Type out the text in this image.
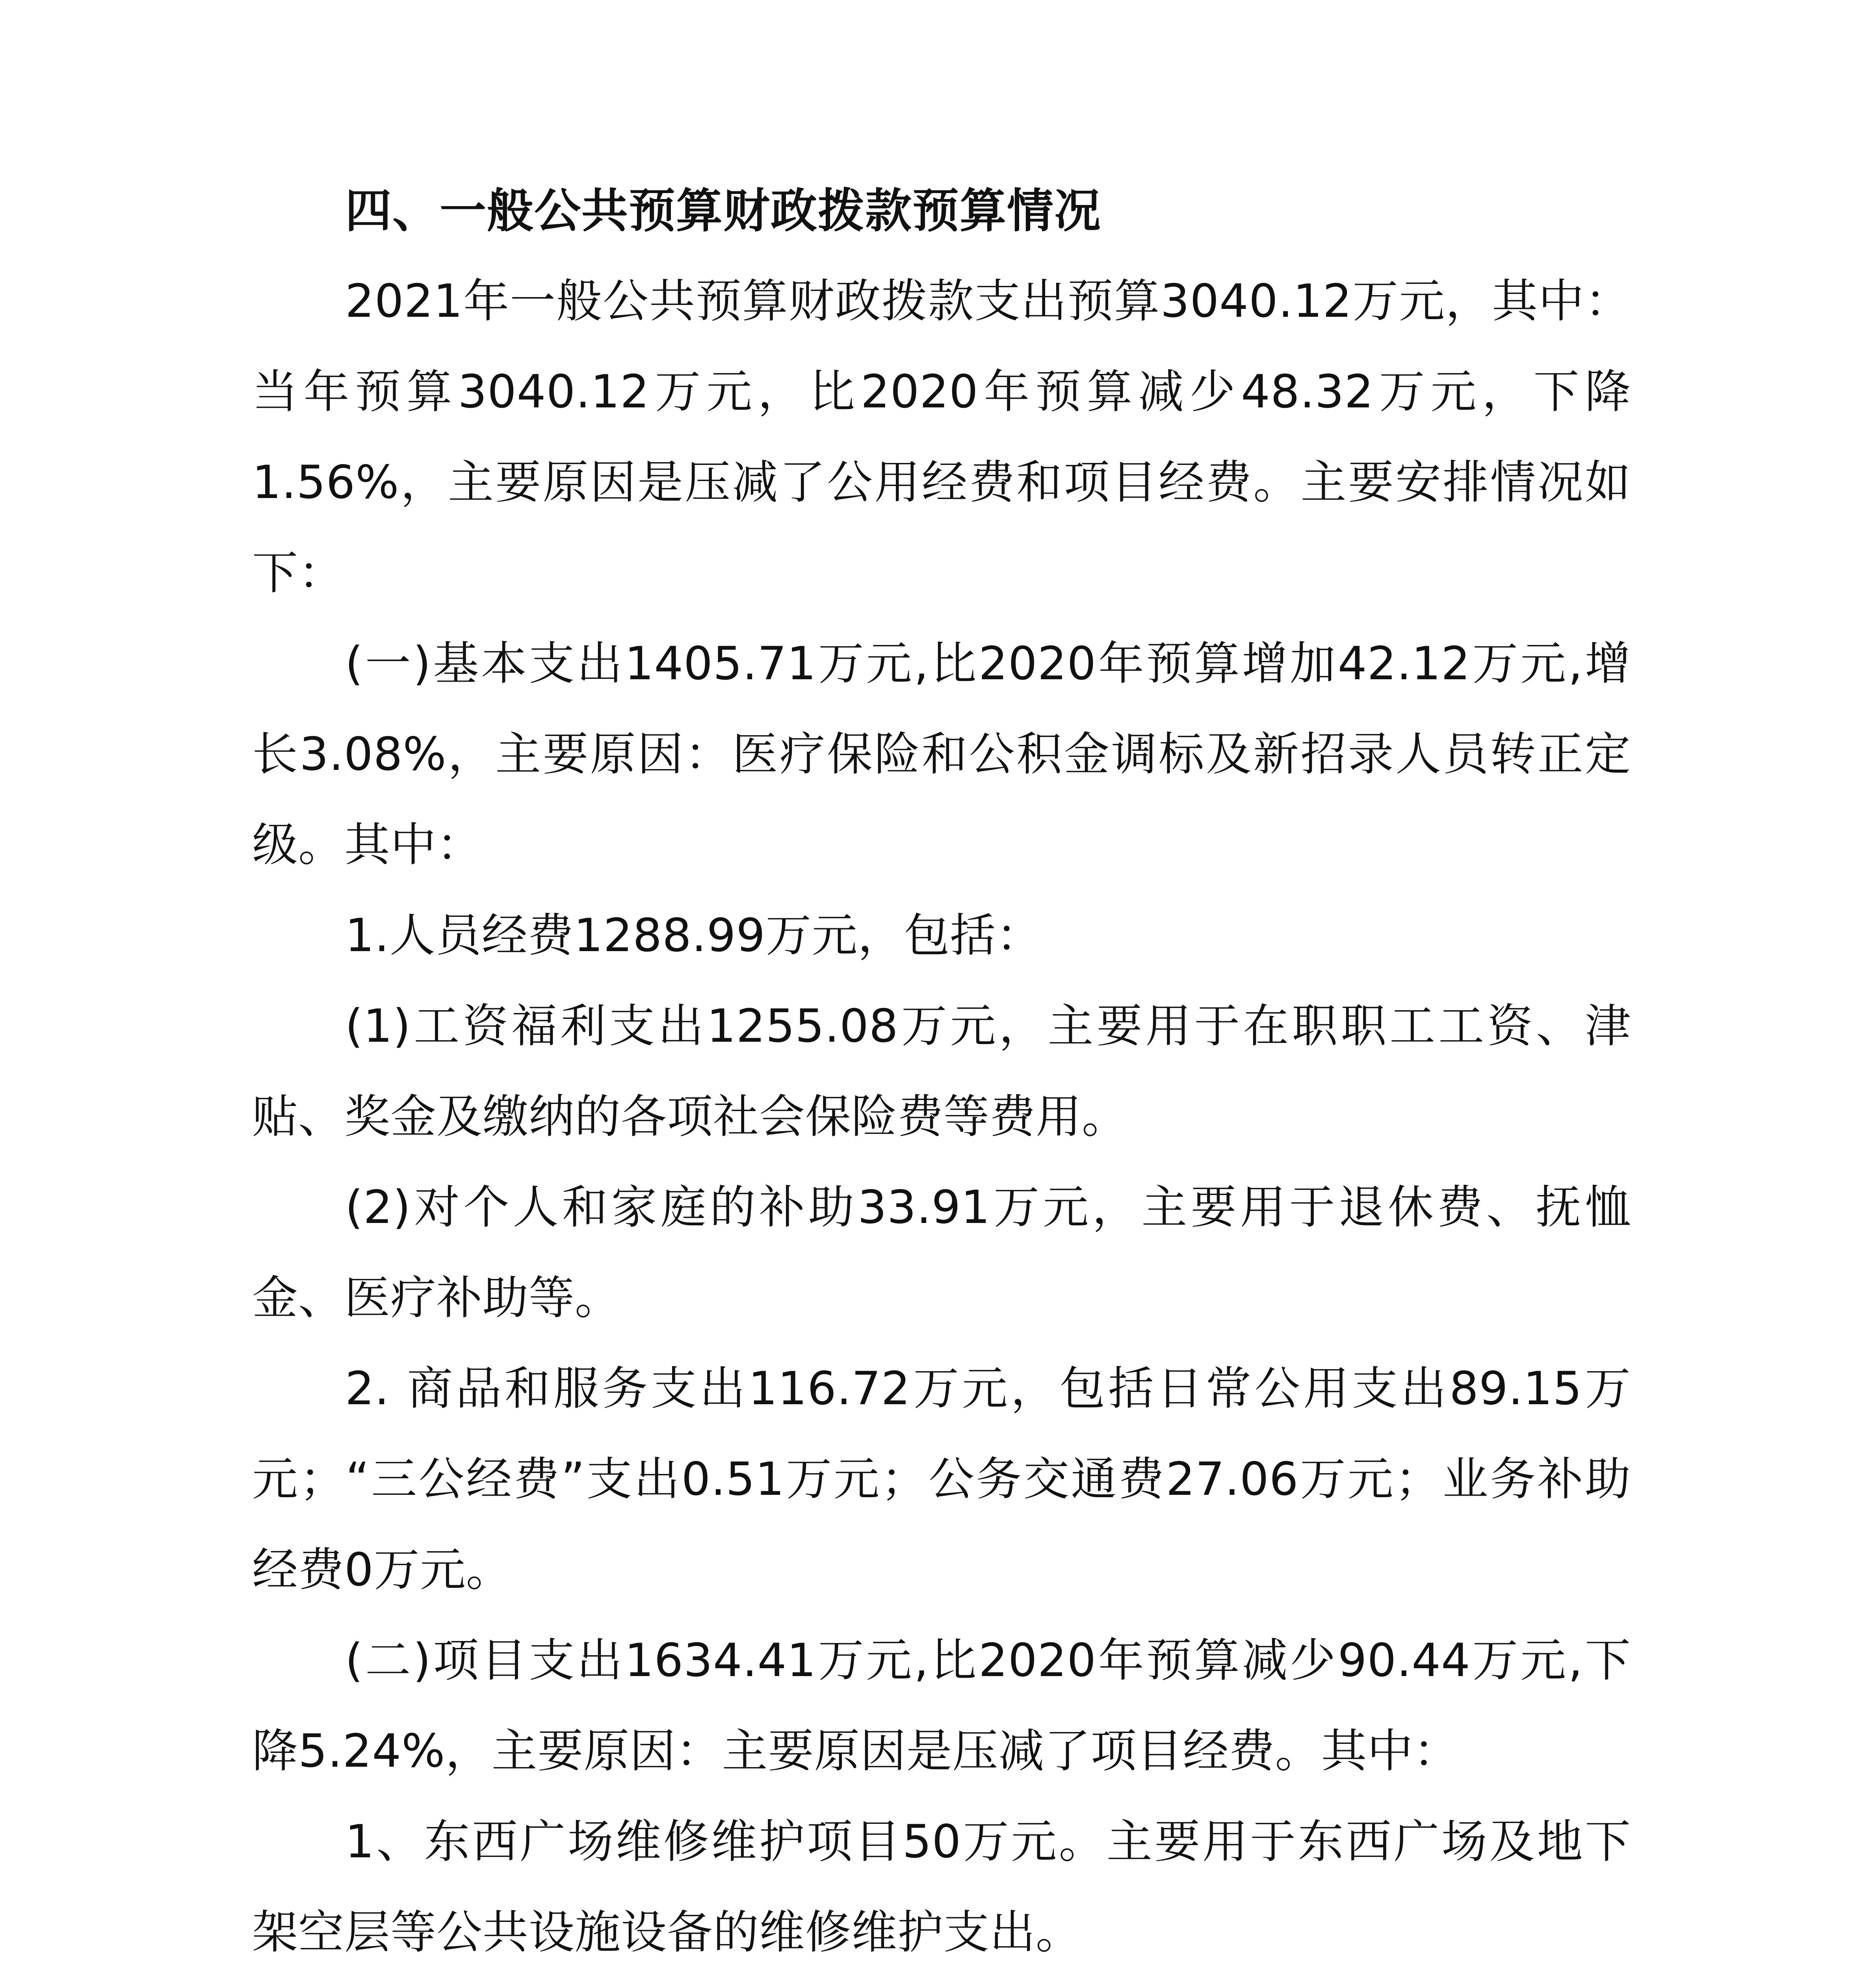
四、一般公共预算财政拨款预算情况

2021年一般公共预算财政拨款支出预算3040.12万元，其中：当年预算3040.12万元，比2020年预算减少48.32万元，下降1.56%，主要原因是压减了公用经费和项目经费。主要安排情况如下：

(一)基本支出1405.71万元,比2020年预算增加42.12万元,增长3.08%，主要原因：医疗保险和公积金调标及新招录人员转正定级。其中：

1.人员经费1288.99万元，包括：

(1)工资福利支出1255.08万元，主要用于在职职工工资、津贴、奖金及缴纳的各项社会保险费等费用。

(2)对个人和家庭的补助33.91万元，主要用于退休费、抚恤金、医疗补助等。

2. 商品和服务支出116.72万元，包括日常公用支出89.15万元；“三公经费”支出0.51万元；公务交通费27.06万元；业务补助经费0万元。

(二)项目支出1634.41万元,比2020年预算减少90.44万元,下降5.24%，主要原因：主要原因是压减了项目经费。其中：

1、东西广场维修维护项目50万元。主要用于东西广场及地下架空层等公共设施设备的维修维护支出。
